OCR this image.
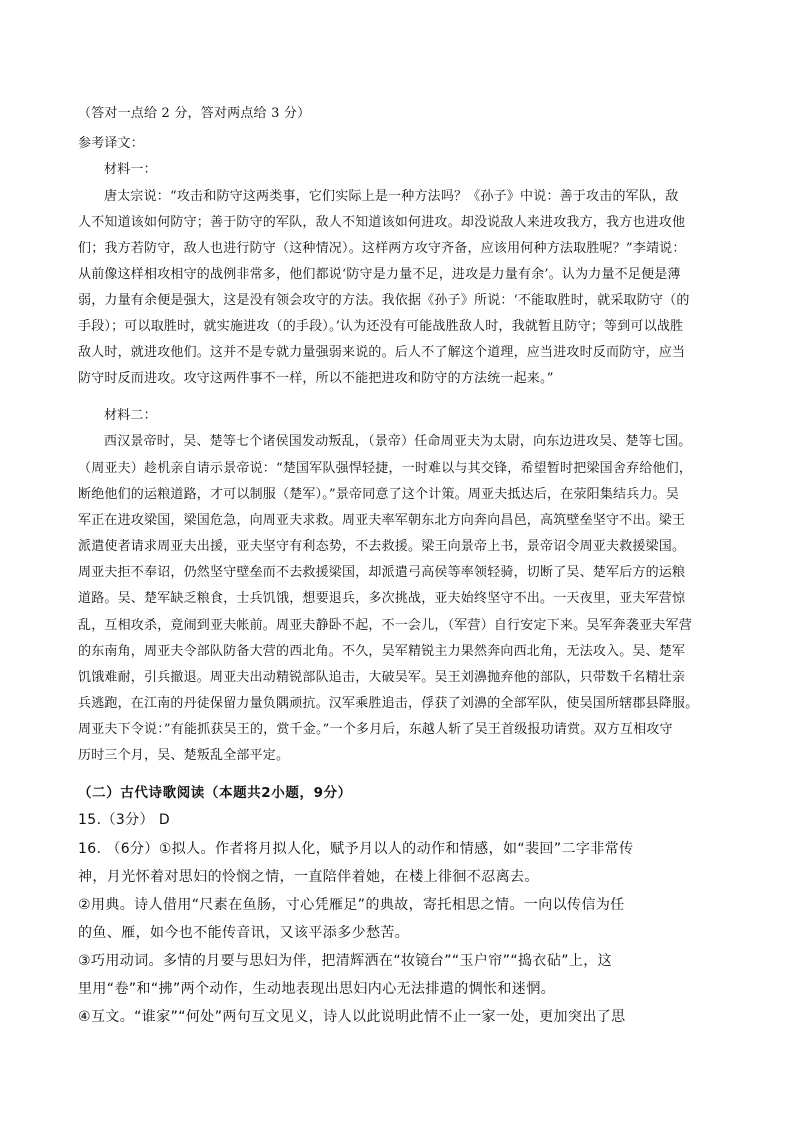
（答对一点给 2 分，答对两点给 3 分）
参考译文：
材料一：
唐太宗说：“攻击和防守这两类事，它们实际上是一种方法吗？《孙子》中说：善于攻击的军队，敌
人不知道该如何防守；善于防守的军队，敌人不知道该如何进攻。却没说敌人来进攻我方，我方也进攻他
们；我方若防守，敌人也进行防守（这种情况）。这样两方攻守齐备，应该用何种方法取胜呢？”李靖说：
从前像这样相攻相守的战例非常多，他们都说‘防守是力量不足，进攻是力量有余’。认为力量不足便是薄
弱，力量有余便是强大，这是没有领会攻守的方法。我依据《孙子》所说：‘不能取胜时，就采取防守（的
手段）；可以取胜时，就实施进攻（的手段）。’认为还没有可能战胜敌人时，我就暂且防守；等到可以战胜
敌人时，就进攻他们。这并不是专就力量强弱来说的。后人不了解这个道理，应当进攻时反而防守，应当
防守时反而进攻。攻守这两件事不一样，所以不能把进攻和防守的方法统一起来。”
材料二：
西汉景帝时，吴、楚等七个诸侯国发动叛乱，（景帝）任命周亚夫为太尉，向东边进攻吴、楚等七国。
（周亚夫）趁机亲自请示景帝说：“楚国军队强悍轻捷，一时难以与其交锋，希望暂时把梁国舍弃给他们，
断绝他们的运粮道路，才可以制服（楚军）。”景帝同意了这个计策。周亚夫抵达后，在荥阳集结兵力。吴
军正在进攻梁国，梁国危急，向周亚夫求救。周亚夫率军朝东北方向奔向昌邑，高筑壁垒坚守不出。梁王
派遣使者请求周亚夫出援，亚夫坚守有利态势，不去救援。梁王向景帝上书，景帝诏令周亚夫救援梁国。
周亚夫拒不奉诏，仍然坚守壁垒而不去救援梁国，却派遣弓高侯等率领轻骑，切断了吴、楚军后方的运粮
道路。吴、楚军缺乏粮食，士兵饥饿，想要退兵，多次挑战，亚夫始终坚守不出。一天夜里，亚夫军营惊
乱，互相攻杀，竟闹到亚夫帐前。周亚夫静卧不起，不一会儿，（军营）自行安定下来。吴军奔袭亚夫军营
的东南角，周亚夫令部队防备大营的西北角。不久，吴军精锐主力果然奔向西北角，无法攻入。吴、楚军
饥饿难耐，引兵撤退。周亚夫出动精锐部队追击，大破吴军。吴王刘濞抛弃他的部队，只带数千名精壮亲
兵逃跑，在江南的丹徒保留力量负隅顽抗。汉军乘胜追击，俘获了刘濞的全部军队，使吴国所辖郡县降服。
周亚夫下令说：”有能抓获吴王的，赏千金。”一个多月后，东越人斩了吴王首级报功请赏。双方互相攻守
历时三个月，吴、楚叛乱全部平定。
（二）古代诗歌阅读（本题共2小题，9分）
15.（3分） D
16. （6分）①拟人。作者将月拟人化，赋予月以人的动作和情感，如“裴回”二字非常传
神，月光怀着对思妇的怜悯之情，一直陪伴着她，在楼上徘徊不忍离去。
②用典。诗人借用“尺素在鱼肠，寸心凭雁足”的典故，寄托相思之情。一向以传信为任
的鱼、雁，如今也不能传音讯，又该平添多少愁苦。
③巧用动词。多情的月要与思妇为伴，把清辉洒在“妆镜台”“玉户帘”“捣衣砧”上，这
里用“卷”和“拂”两个动作，生动地表现出思妇内心无法排遣的惆怅和迷惘。
④互文。“谁家”“何处”两句互文见义，诗人以此说明此情不止一家一处，更加突出了思
